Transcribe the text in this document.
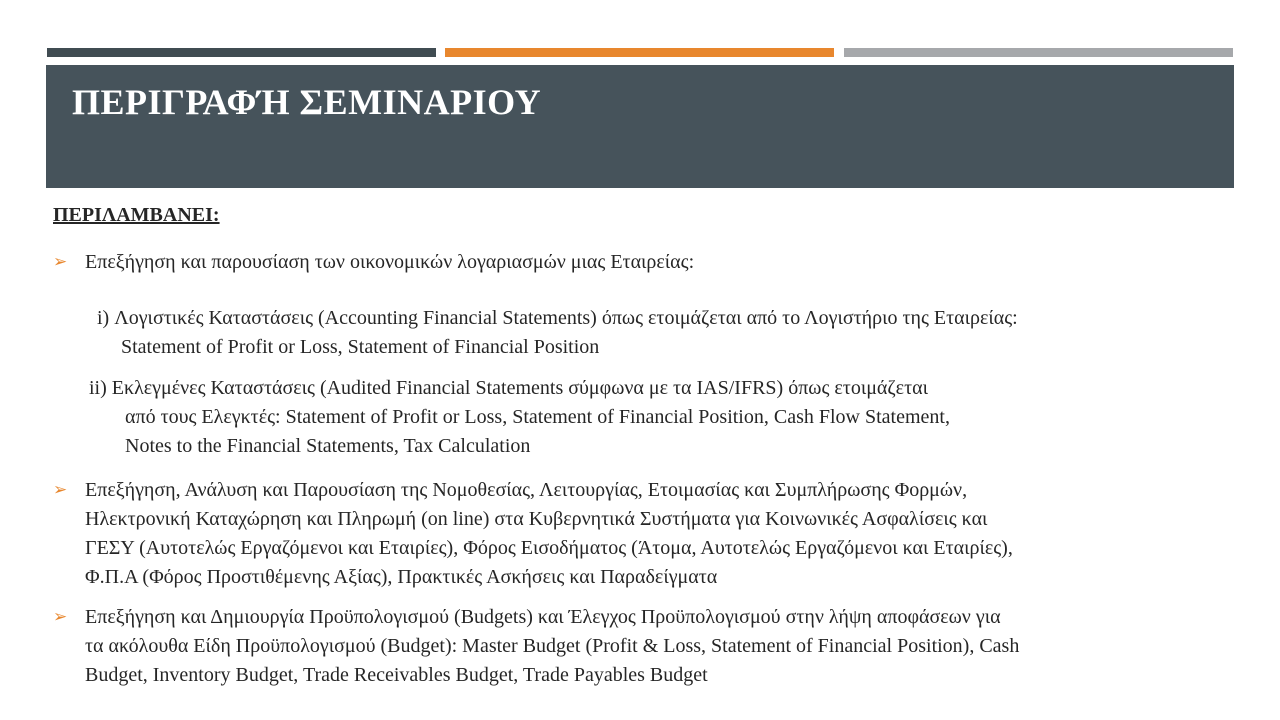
ΠΕΡΙΓΡΑΦΉ ΣΕΜΙΝΑΡΙΟΥ
ΠΕΡΙΛΑΜΒΑΝΕΙ:
➢ Επεξήγηση και παρουσίαση των οικονομικών λογαριασμών μιας Εταιρείας:
i) Λογιστικές Καταστάσεις (Accounting Financial Statements) όπως ετοιμάζεται από το Λογιστήριο της Εταιρείας:
Statement of Profit or Loss, Statement of Financial Position
ii) Εκλεγμένες Καταστάσεις (Audited Financial Statements σύμφωνα με τα IAS/IFRS) όπως ετοιμάζεται
από τους Ελεγκτές: Statement of Profit or Loss, Statement of Financial Position, Cash Flow Statement,
Notes to the Financial Statements, Tax Calculation
➢ Επεξήγηση, Ανάλυση και Παρουσίαση της Νομοθεσίας, Λειτουργίας, Ετοιμασίας και Συμπλήρωσης Φορμών,
Ηλεκτρονική Καταχώρηση και Πληρωμή (on line) στα Κυβερνητικά Συστήματα για Κοινωνικές Ασφαλίσεις και
ΓΕΣΥ (Αυτοτελώς Εργαζόμενοι και Εταιρίες), Φόρος Εισοδήματος (Άτομα, Αυτοτελώς Εργαζόμενοι και Εταιρίες),
Φ.Π.Α (Φόρος Προστιθέμενης Αξίας), Πρακτικές Ασκήσεις και Παραδείγματα
➢ Επεξήγηση και Δημιουργία Προϋπολογισμού (Budgets) και Έλεγχος Προϋπολογισμού στην λήψη αποφάσεων για
τα ακόλουθα Είδη Προϋπολογισμού (Budget): Master Budget (Profit & Loss, Statement of Financial Position), Cash
Budget, Inventory Budget, Trade Receivables Budget, Trade Payables Budget
